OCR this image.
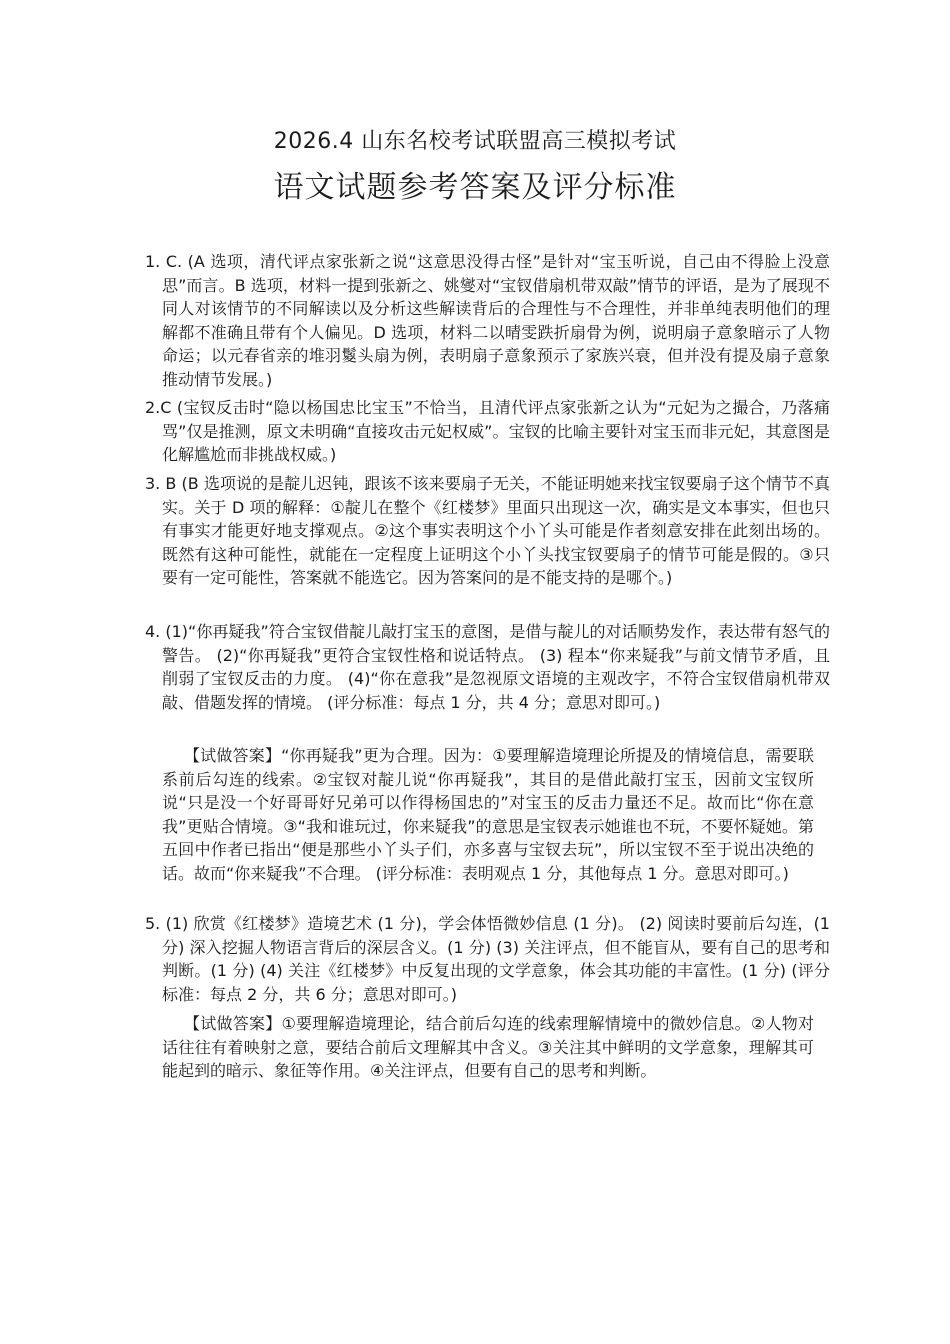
2026.4 山东名校考试联盟高三模拟考试
语文试题参考答案及评分标准

1. C. (A 选项，清代评点家张新之说“这意思没得古怪”是针对“宝玉听说，自己由不得脸上没意思”而言。B 选项，材料一提到张新之、姚燮对“宝钗借扇机带双敲”情节的评语，是为了展现不同人对该情节的不同解读以及分析这些解读背后的合理性与不合理性，并非单纯表明他们的理解都不准确且带有个人偏见。D 选项，材料二以晴雯跌折扇骨为例，说明扇子意象暗示了人物命运；以元春省亲的堆羽鬉头扇为例，表明扇子意象预示了家族兴衰，但并没有提及扇子意象推动情节发展。)

2.C (宝钗反击时“隐以杨国忠比宝玉”不恰当，且清代评点家张新之认为“元妃为之撮合，乃落痛骂”仅是推测，原文未明确“直接攻击元妃权威”。宝钗的比喻主要针对宝玉而非元妃，其意图是化解尴尬而非挑战权威。)

3. B (B 选项说的是靛儿迟钝，跟该不该来要扇子无关，不能证明她来找宝钗要扇子这个情节不真实。关于 D 项的解释：①靛儿在整个《红楼梦》里面只出现这一次，确实是文本事实，但也只有事实才能更好地支撑观点。②这个事实表明这个小丫头可能是作者刻意安排在此刻出场的。既然有这种可能性，就能在一定程度上证明这个小丫头找宝钗要扇子的情节可能是假的。③只要有一定可能性，答案就不能选它。因为答案问的是不能支持的是哪个。)

4. (1)“你再疑我”符合宝钗借靛儿敲打宝玉的意图，是借与靛儿的对话顺势发作，表达带有怒气的警告。 (2)“你再疑我”更符合宝钗性格和说话特点。 (3) 程本“你来疑我”与前文情节矛盾，且削弱了宝钗反击的力度。 (4)“你在意我”是忽视原文语境的主观改字，不符合宝钗借扇机带双敲、借题发挥的情境。 (评分标准：每点 1 分，共 4 分；意思对即可。)

【试做答案】“你再疑我”更为合理。因为：①要理解造境理论所提及的情境信息，需要联系前后勾连的线索。②宝钗对靛儿说“你再疑我”，其目的是借此敲打宝玉，因前文宝钗所说“只是没一个好哥哥好兄弟可以作得杨国忠的”对宝玉的反击力量还不足。故而比“你在意我”更贴合情境。③“我和谁玩过，你来疑我”的意思是宝钗表示她谁也不玩，不要怀疑她。第五回中作者已指出“便是那些小丫头子们，亦多喜与宝钗去玩”，所以宝钗不至于说出决绝的话。故而“你来疑我”不合理。 (评分标准：表明观点 1 分，其他每点 1 分。意思对即可。)

5. (1) 欣赏《红楼梦》造境艺术 (1 分)，学会体悟微妙信息 (1 分)。 (2) 阅读时要前后勾连，(1 分) 深入挖掘人物语言背后的深层含义。(1 分) (3) 关注评点，但不能盲从，要有自己的思考和判断。(1 分) (4) 关注《红楼梦》中反复出现的文学意象，体会其功能的丰富性。(1 分) (评分标准：每点 2 分，共 6 分；意思对即可。)

【试做答案】①要理解造境理论，结合前后勾连的线索理解情境中的微妙信息。②人物对话往往有着映射之意，要结合前后文理解其中含义。③关注其中鲜明的文学意象，理解其可能起到的暗示、象征等作用。④关注评点，但要有自己的思考和判断。
